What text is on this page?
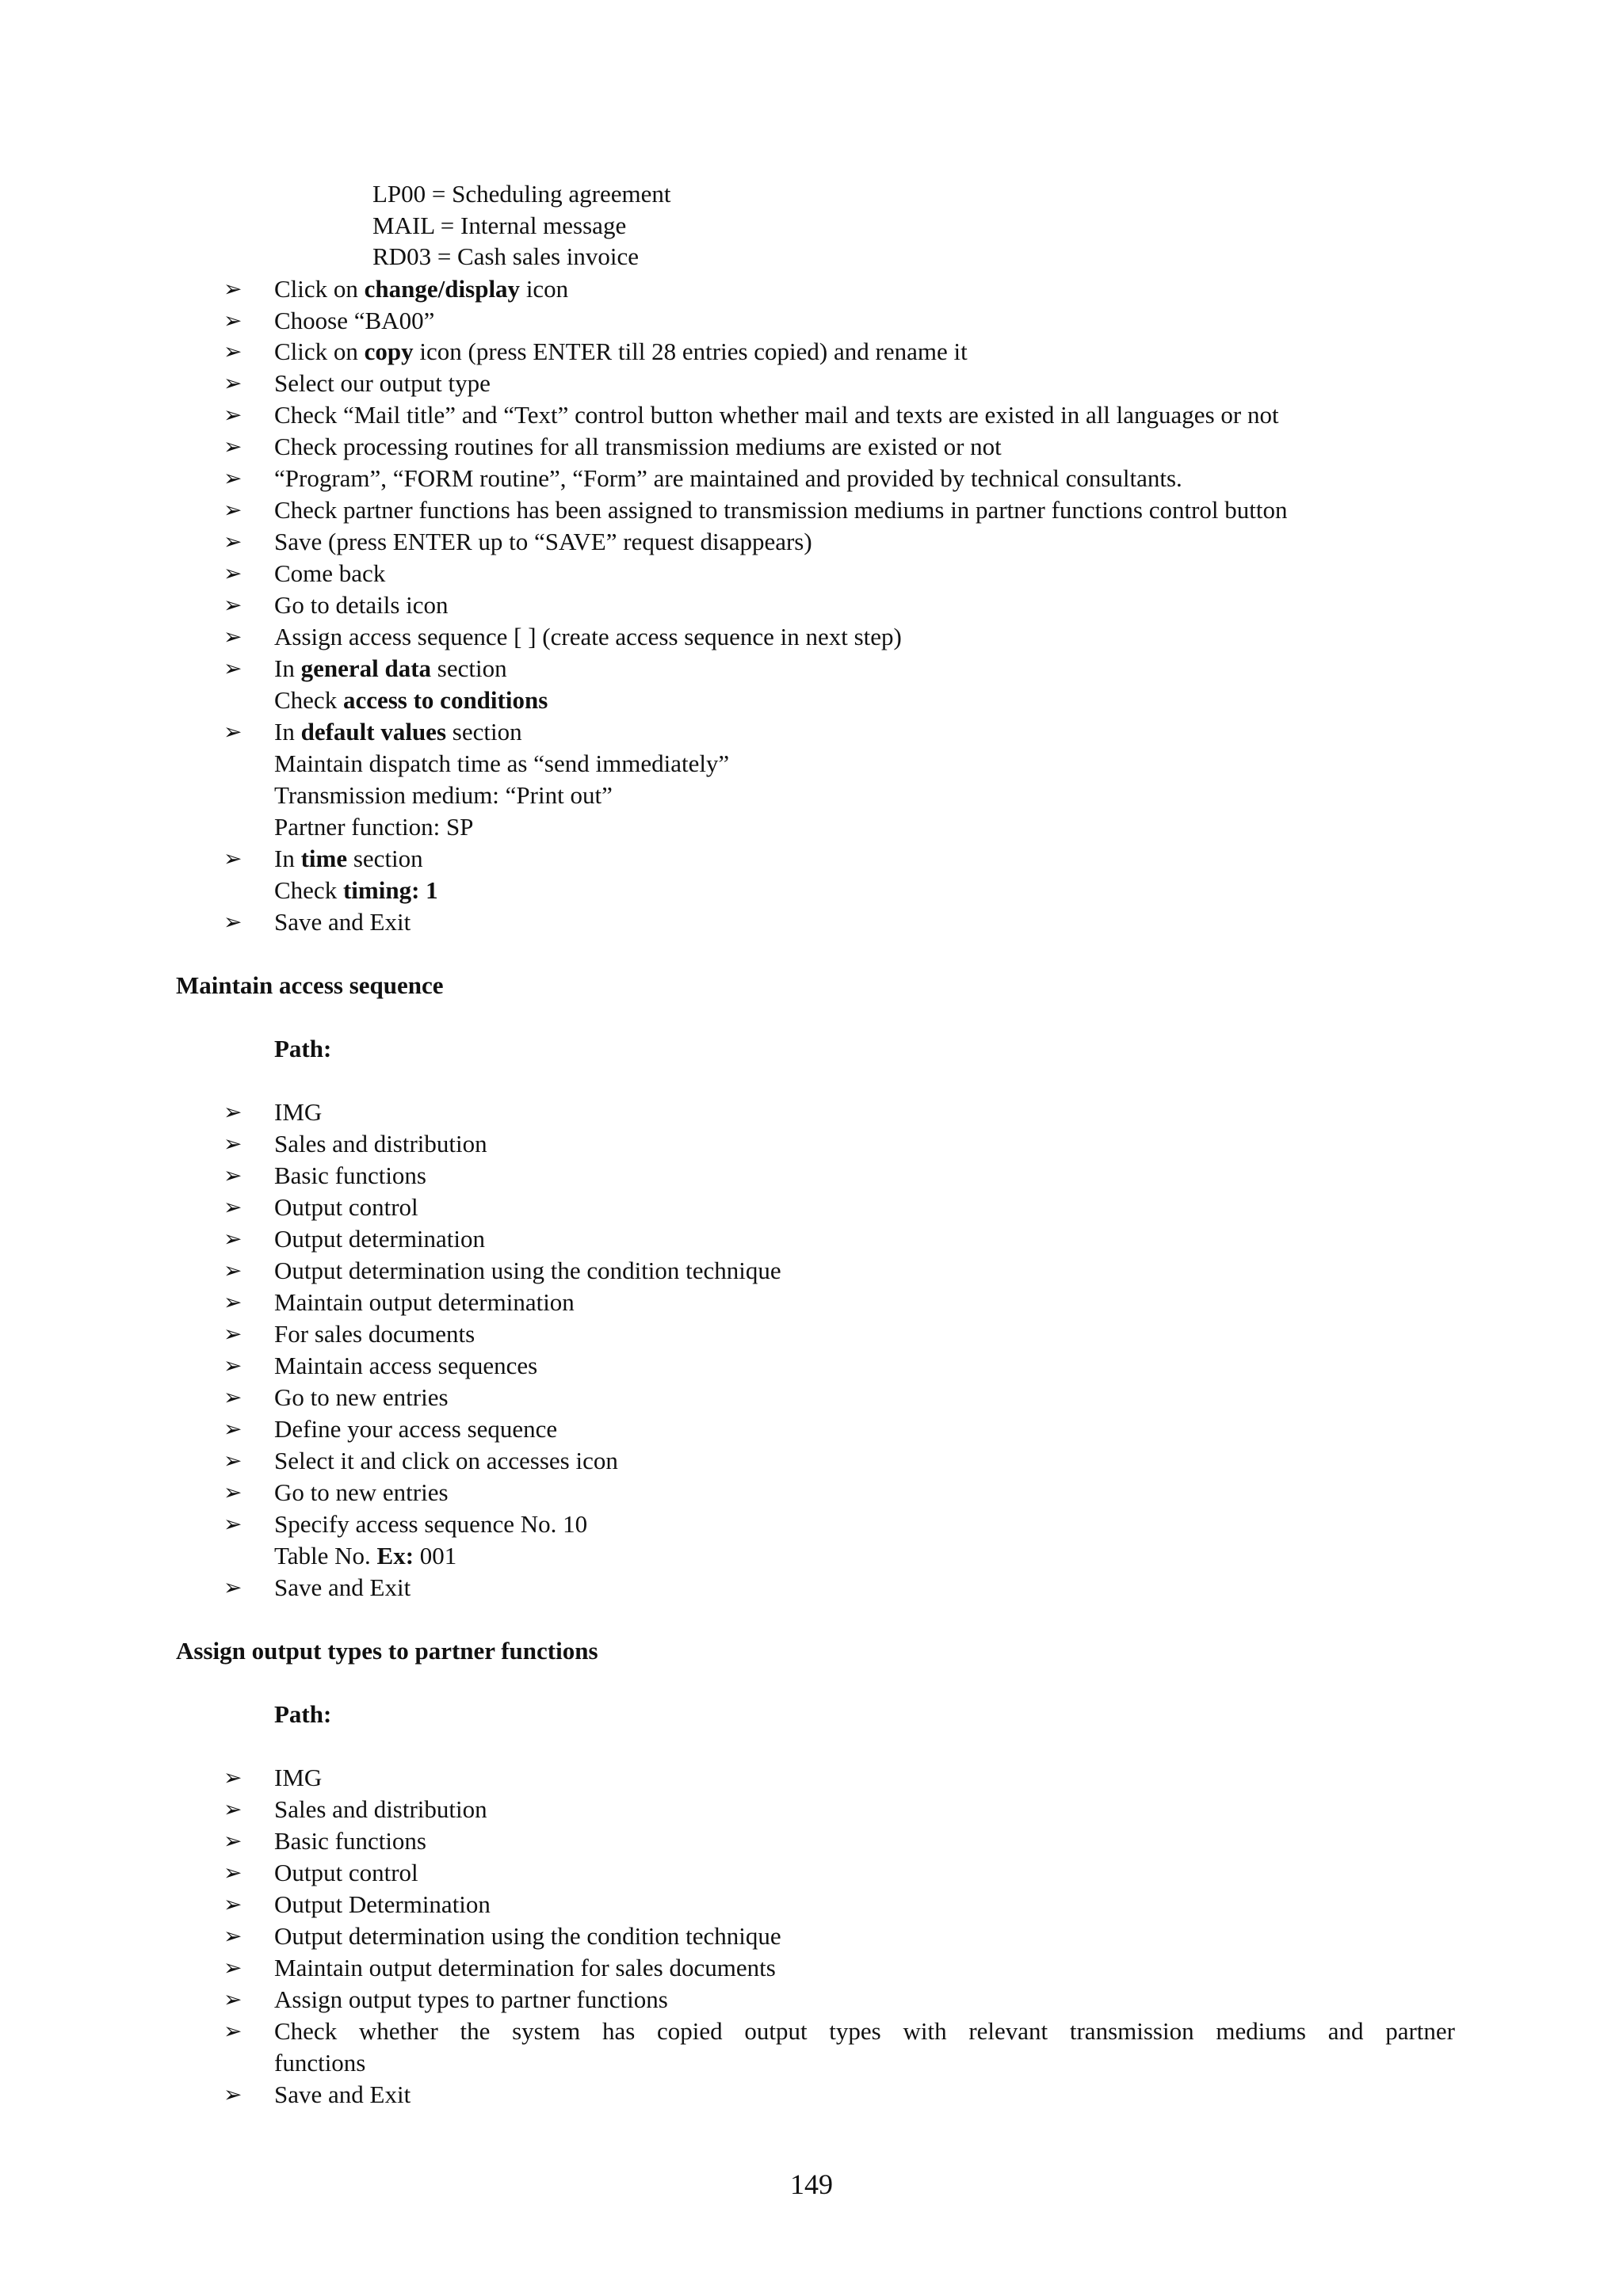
LP00 = Scheduling agreement
MAIL = Internal message
RD03 = Cash sales invoice
➢ Click on change/display icon
➢ Choose “BA00”
➢ Click on copy icon (press ENTER till 28 entries copied) and rename it
➢ Select our output type
➢ Check “Mail title” and “Text” control button whether mail and texts are existed in all languages or not
➢ Check processing routines for all transmission mediums are existed or not
➢ “Program”, “FORM routine”, “Form” are maintained and provided by technical consultants.
➢ Check partner functions has been assigned to transmission mediums in partner functions control button
➢ Save (press ENTER up to “SAVE” request disappears)
➢ Come back
➢ Go to details icon
➢ Assign access sequence [ ] (create access sequence in next step)
➢ In general data section
Check access to conditions
➢ In default values section
Maintain dispatch time as “send immediately”
Transmission medium: “Print out”
Partner function: SP
➢ In time section
Check timing: 1
➢ Save and Exit
Maintain access sequence
Path:
➢ IMG
➢ Sales and distribution
➢ Basic functions
➢ Output control
➢ Output determination
➢ Output determination using the condition technique
➢ Maintain output determination
➢ For sales documents
➢ Maintain access sequences
➢ Go to new entries
➢ Define your access sequence
➢ Select it and click on accesses icon
➢ Go to new entries
➢ Specify access sequence No. 10
Table No. Ex: 001
➢ Save and Exit
Assign output types to partner functions
Path:
➢ IMG
➢ Sales and distribution
➢ Basic functions
➢ Output control
➢ Output Determination
➢ Output determination using the condition technique
➢ Maintain output determination for sales documents
➢ Assign output types to partner functions
➢ Check whether the system has copied output types with relevant transmission mediums and partner
functions
➢ Save and Exit
149
